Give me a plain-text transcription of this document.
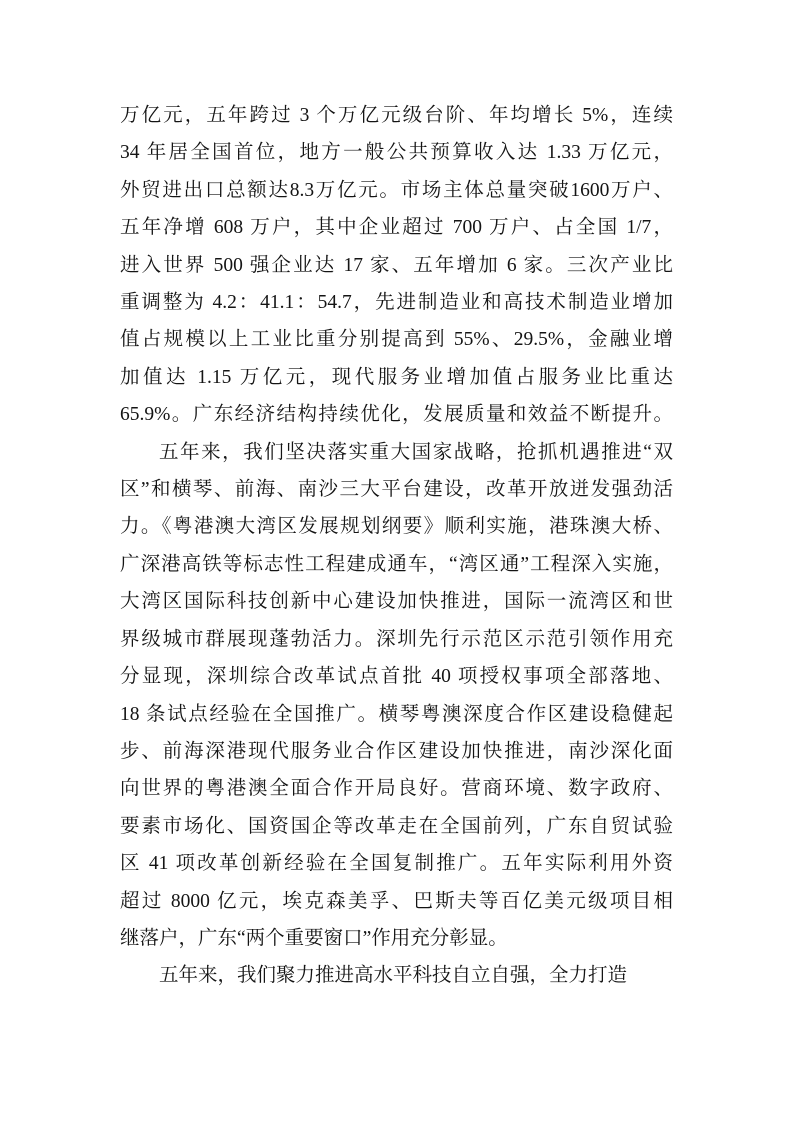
万亿元，五年跨过 3 个万亿元级台阶、年均增长 5%，连续
34 年居全国首位，地方一般公共预算收入达 1.33 万亿元，
外贸进出口总额达8.3万亿元。市场主体总量突破1600万户、
五年净增 608 万户，其中企业超过 700 万户、占全国 1/7，
进入世界 500 强企业达 17 家、五年增加 6 家。三次产业比
重调整为 4.2：41.1：54.7，先进制造业和高技术制造业增加
值占规模以上工业比重分别提高到 55%、29.5%，金融业增
加值达 1.15 万亿元，现代服务业增加值占服务业比重达
65.9%。广东经济结构持续优化，发展质量和效益不断提升。
五年来，我们坚决落实重大国家战略，抢抓机遇推进“双
区”和横琴、前海、南沙三大平台建设，改革开放迸发强劲活
力。《粤港澳大湾区发展规划纲要》顺利实施，港珠澳大桥、
广深港高铁等标志性工程建成通车，“湾区通”工程深入实施，
大湾区国际科技创新中心建设加快推进，国际一流湾区和世
界级城市群展现蓬勃活力。深圳先行示范区示范引领作用充
分显现，深圳综合改革试点首批 40 项授权事项全部落地、
18 条试点经验在全国推广。横琴粤澳深度合作区建设稳健起
步、前海深港现代服务业合作区建设加快推进，南沙深化面
向世界的粤港澳全面合作开局良好。营商环境、数字政府、
要素市场化、国资国企等改革走在全国前列，广东自贸试验
区 41 项改革创新经验在全国复制推广。五年实际利用外资
超过 8000 亿元，埃克森美孚、巴斯夫等百亿美元级项目相
继落户，广东“两个重要窗口”作用充分彰显。
五年来，我们聚力推进高水平科技自立自强，全力打造
